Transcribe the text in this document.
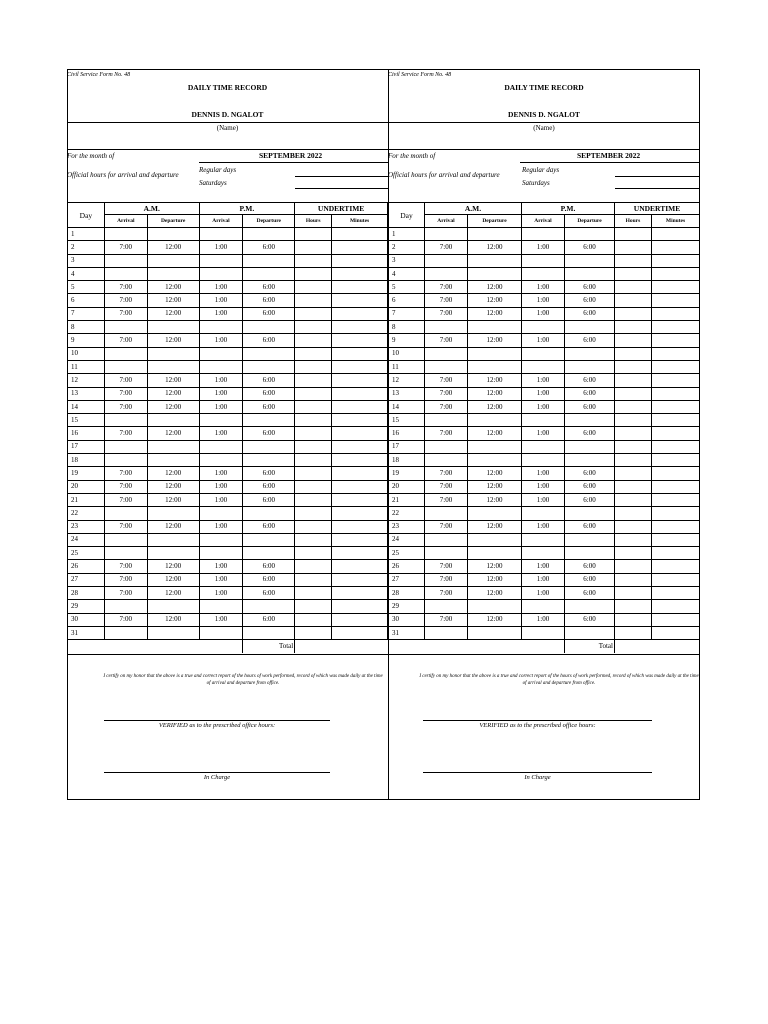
Civil Service Form No. 48
DAILY TIME RECORD
DENNIS D. NGALOT
(Name)
For the month of	SEPTEMBER 2022
Regular days
Official hours for arrival and departure
Saturdays
Day	A.M.		P.M.		UNDERTIME	
	Arrival	Departure	Arrival	Departure	Hours	Minutes
1						
2	7:00	12:00	1:00	6:00		
3						
4						
5	7:00	12:00	1:00	6:00		
6	7:00	12:00	1:00	6:00		
7	7:00	12:00	1:00	6:00		
8						
9	7:00	12:00	1:00	6:00		
10						
11						
12	7:00	12:00	1:00	6:00		
13	7:00	12:00	1:00	6:00		
14	7:00	12:00	1:00	6:00		
15						
16	7:00	12:00	1:00	6:00		
17						
18						
19	7:00	12:00	1:00	6:00		
20	7:00	12:00	1:00	6:00		
21	7:00	12:00	1:00	6:00		
22						
23	7:00	12:00	1:00	6:00		
24						
25						
26	7:00	12:00	1:00	6:00		
27	7:00	12:00	1:00	6:00		
28	7:00	12:00	1:00	6:00		
29						
30	7:00	12:00	1:00	6:00		
31						
				Total		
I certify on my honor that the above is a true and correct report of the hours of work performed, record of which was made daily at the time of arrival and departure from office.
VERIFIED as to the prescribed office hours:
In Charge
Civil Service Form No. 48
DAILY TIME RECORD
DENNIS D. NGALOT
(Name)
For the month of	SEPTEMBER 2022
Regular days
Official hours for arrival and departure
Saturdays
Day	A.M.		P.M.		UNDERTIME	
	Arrival	Departure	Arrival	Departure	Hours	Minutes
1						
2	7:00	12:00	1:00	6:00		
3						
4						
5	7:00	12:00	1:00	6:00		
6	7:00	12:00	1:00	6:00		
7	7:00	12:00	1:00	6:00		
8						
9	7:00	12:00	1:00	6:00		
10						
11						
12	7:00	12:00	1:00	6:00		
13	7:00	12:00	1:00	6:00		
14	7:00	12:00	1:00	6:00		
15						
16	7:00	12:00	1:00	6:00		
17						
18						
19	7:00	12:00	1:00	6:00		
20	7:00	12:00	1:00	6:00		
21	7:00	12:00	1:00	6:00		
22						
23	7:00	12:00	1:00	6:00		
24						
25						
26	7:00	12:00	1:00	6:00		
27	7:00	12:00	1:00	6:00		
28	7:00	12:00	1:00	6:00		
29						
30	7:00	12:00	1:00	6:00		
31						
				Total		
I certify on my honor that the above is a true and correct report of the hours of work performed, record of which was made daily at the time of arrival and departure from office.
VERIFIED as to the prescribed office hours:
In Charge
